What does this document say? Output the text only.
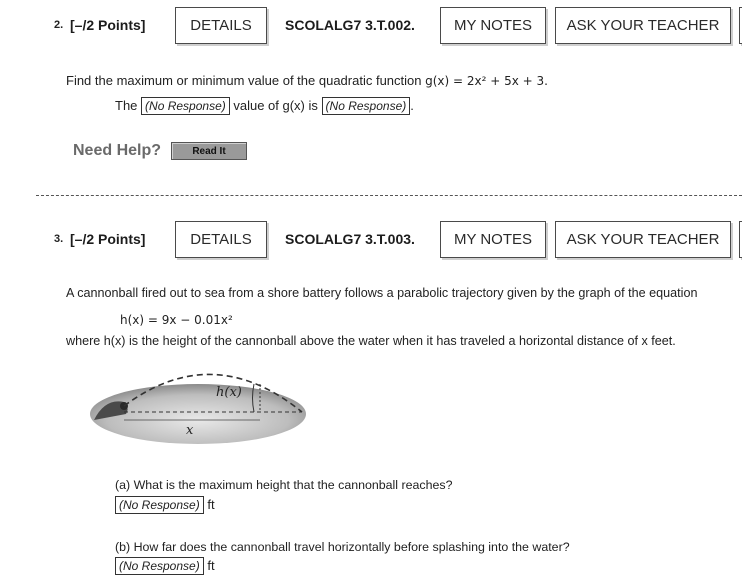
2. [–/2 Points]	DETAILS	SCOLALG7 3.T.002.	MY NOTES	ASK YOUR TEACHER
Find the maximum or minimum value of the quadratic function g(x) = 2x² + 5x + 3.
The (No Response) value of g(x) is (No Response) .
Need Help?	Read It
3. [–/2 Points]	DETAILS	SCOLALG7 3.T.003.	MY NOTES	ASK YOUR TEACHER
A cannonball fired out to sea from a shore battery follows a parabolic trajectory given by the graph of the equation
h(x) = 9x − 0.01x²
where h(x) is the height of the cannonball above the water when it has traveled a horizontal distance of x feet.
h(x)
x
(a) What is the maximum height that the cannonball reaches?
(No Response) ft
(b) How far does the cannonball travel horizontally before splashing into the water?
(No Response) ft
